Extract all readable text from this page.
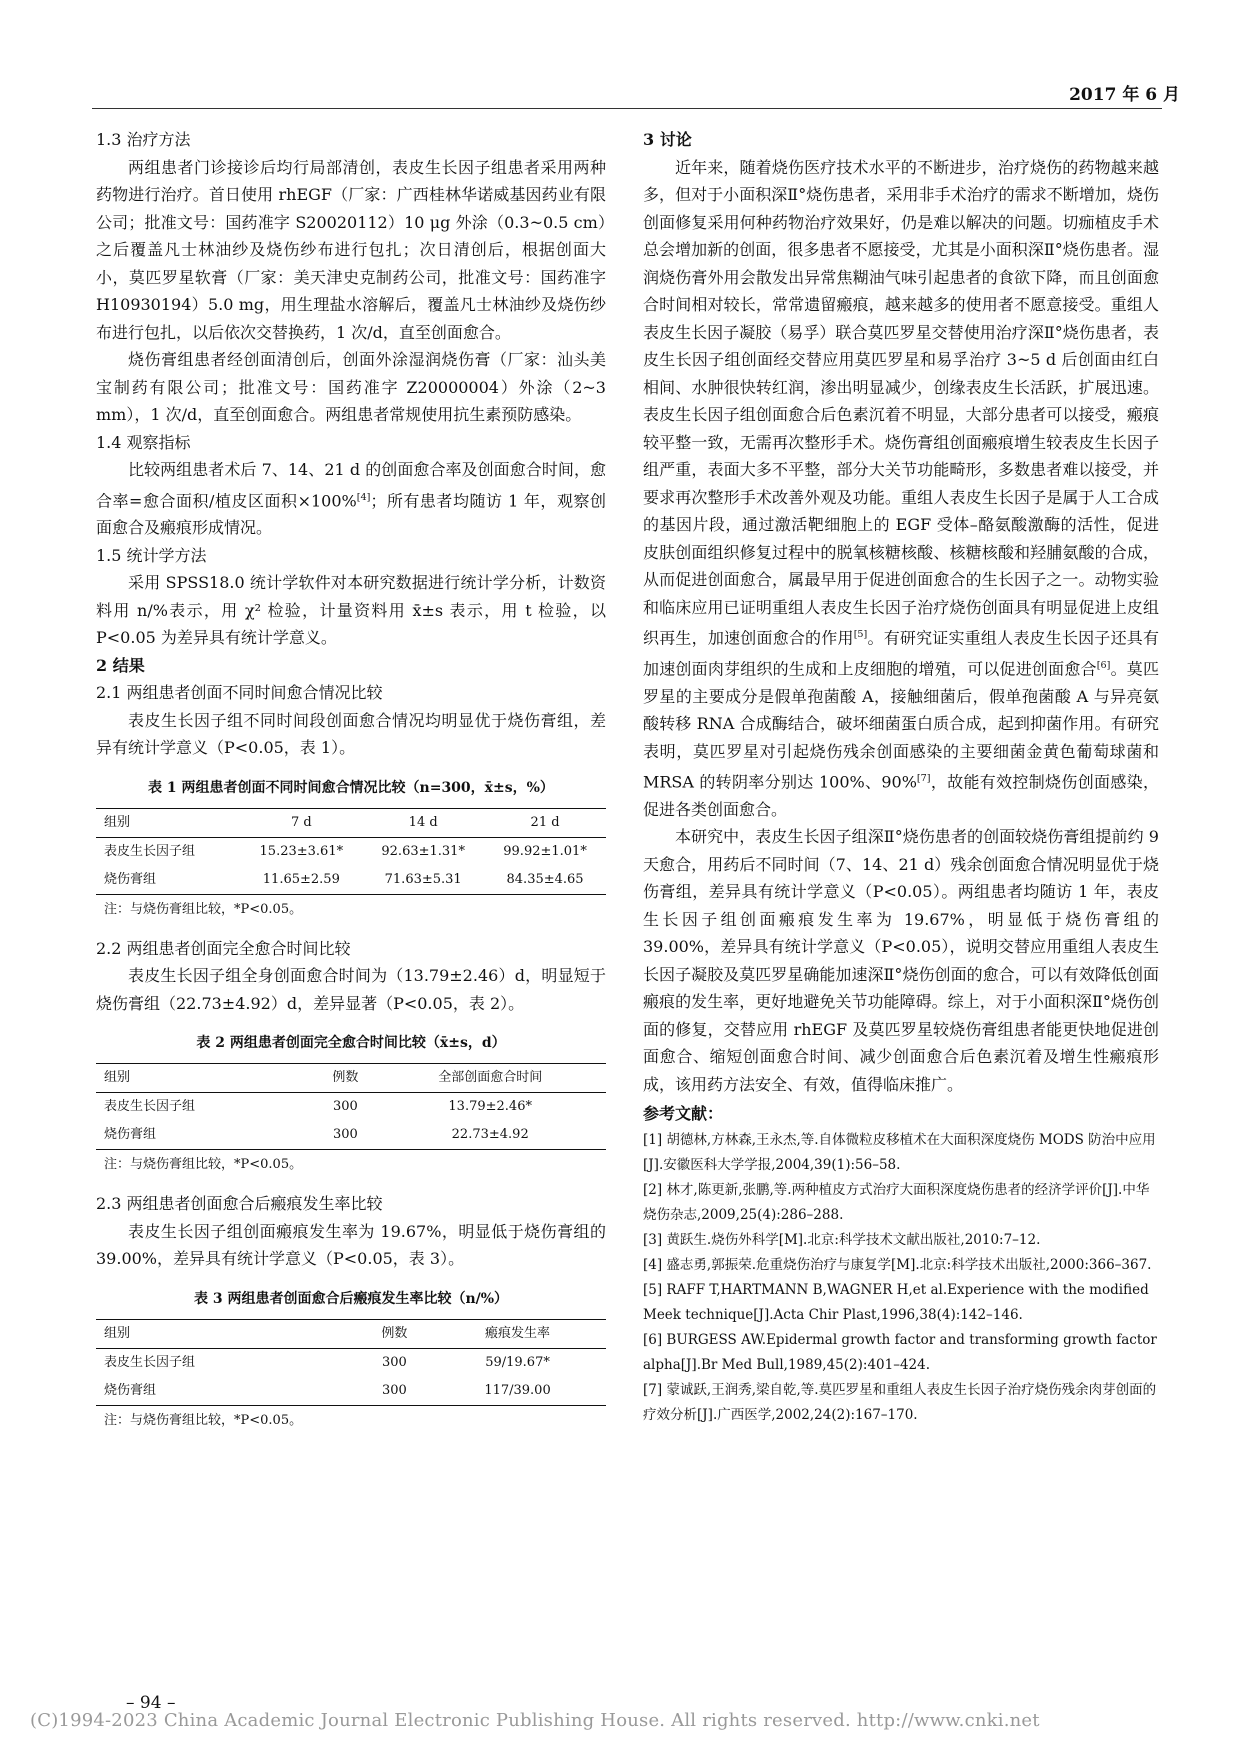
2017 年 6 月

1.3 治疗方法

两组患者门诊接诊后均行局部清创，表皮生长因子组患者采用两种药物进行治疗。首日使用 rhEGF（厂家：广西桂林华诺威基因药业有限公司；批准文号：国药准字 S20020112）10 μg 外涂（0.3~0.5 cm）之后覆盖凡士林油纱及烧伤纱布进行包扎；次日清创后，根据创面大小，莫匹罗星软膏（厂家：美天津史克制药公司，批准文号：国药准字 H10930194）5.0 mg，用生理盐水溶解后，覆盖凡士林油纱及烧伤纱布进行包扎，以后依次交替换药，1 次/d，直至创面愈合。

烧伤膏组患者经创面清创后，创面外涂湿润烧伤膏（厂家：汕头美宝制药有限公司；批准文号：国药准字 Z20000004）外涂（2~3 mm），1 次/d，直至创面愈合。两组患者常规使用抗生素预防感染。

1.4 观察指标

比较两组患者术后 7、14、21 d 的创面愈合率及创面愈合时间，愈合率=愈合面积/植皮区面积×100%[4]；所有患者均随访 1 年，观察创面愈合及瘢痕形成情况。

1.5 统计学方法

采用 SPSS18.0 统计学软件对本研究数据进行统计学分析，计数资料用 n/%表示，用 χ² 检验，计量资料用 x̄±s 表示，用 t 检验，以 P<0.05 为差异具有统计学意义。

2 结果

2.1 两组患者创面不同时间愈合情况比较

表皮生长因子组不同时间段创面愈合情况均明显优于烧伤膏组，差异有统计学意义（P<0.05，表 1）。

表 1 两组患者创面不同时间愈合情况比较（n=300，x̄±s，%）
组别	7 d	14 d	21 d
表皮生长因子组	15.23±3.61*	92.63±1.31*	99.92±1.01*
烧伤膏组	11.65±2.59	71.63±5.31	84.35±4.65
注：与烧伤膏组比较，*P<0.05。

2.2 两组患者创面完全愈合时间比较

表皮生长因子组全身创面愈合时间为（13.79±2.46）d，明显短于烧伤膏组（22.73±4.92）d，差异显著（P<0.05，表 2）。

表 2 两组患者创面完全愈合时间比较（x̄±s，d）
组别	例数	全部创面愈合时间
表皮生长因子组	300	13.79±2.46*
烧伤膏组	300	22.73±4.92
注：与烧伤膏组比较，*P<0.05。

2.3 两组患者创面愈合后瘢痕发生率比较

表皮生长因子组创面瘢痕发生率为 19.67%，明显低于烧伤膏组的 39.00%，差异具有统计学意义（P<0.05，表 3）。

表 3 两组患者创面愈合后瘢痕发生率比较（n/%）
组别	例数	瘢痕发生率
表皮生长因子组	300	59/19.67*
烧伤膏组	300	117/39.00
注：与烧伤膏组比较，*P<0.05。

3 讨论

近年来，随着烧伤医疗技术水平的不断进步，治疗烧伤的药物越来越多，但对于小面积深Ⅱ°烧伤患者，采用非手术治疗的需求不断增加，烧伤创面修复采用何种药物治疗效果好，仍是难以解决的问题。切痂植皮手术总会增加新的创面，很多患者不愿接受，尤其是小面积深Ⅱ°烧伤患者。湿润烧伤膏外用会散发出异常焦糊油气味引起患者的食欲下降，而且创面愈合时间相对较长，常常遗留瘢痕，越来越多的使用者不愿意接受。重组人表皮生长因子凝胶（易孚）联合莫匹罗星交替使用治疗深Ⅱ°烧伤患者，表皮生长因子组创面经交替应用莫匹罗星和易孚治疗 3~5 d 后创面由红白相间、水肿很快转红润，渗出明显减少，创缘表皮生长活跃，扩展迅速。表皮生长因子组创面愈合后色素沉着不明显，大部分患者可以接受，瘢痕较平整一致，无需再次整形手术。烧伤膏组创面瘢痕增生较表皮生长因子组严重，表面大多不平整，部分大关节功能畸形，多数患者难以接受，并要求再次整形手术改善外观及功能。重组人表皮生长因子是属于人工合成的基因片段，通过激活靶细胞上的 EGF 受体–酪氨酸激酶的活性，促进皮肤创面组织修复过程中的脱氧核糖核酸、核糖核酸和羟脯氨酸的合成，从而促进创面愈合，属最早用于促进创面愈合的生长因子之一。动物实验和临床应用已证明重组人表皮生长因子治疗烧伤创面具有明显促进上皮组织再生，加速创面愈合的作用[5]。有研究证实重组人表皮生长因子还具有加速创面肉芽组织的生成和上皮细胞的增殖，可以促进创面愈合[6]。莫匹罗星的主要成分是假单孢菌酸 A，接触细菌后，假单孢菌酸 A 与异亮氨酸转移 RNA 合成酶结合，破坏细菌蛋白质合成，起到抑菌作用。有研究表明，莫匹罗星对引起烧伤残余创面感染的主要细菌金黄色葡萄球菌和 MRSA 的转阴率分别达 100%、90%[7]，故能有效控制烧伤创面感染，促进各类创面愈合。

本研究中，表皮生长因子组深Ⅱ°烧伤患者的创面较烧伤膏组提前约 9 天愈合，用药后不同时间（7、14、21 d）残余创面愈合情况明显优于烧伤膏组，差异具有统计学意义（P<0.05）。两组患者均随访 1 年，表皮生长因子组创面瘢痕发生率为 19.67%，明显低于烧伤膏组的 39.00%，差异具有统计学意义（P<0.05），说明交替应用重组人表皮生长因子凝胶及莫匹罗星确能加速深Ⅱ°烧伤创面的愈合，可以有效降低创面瘢痕的发生率，更好地避免关节功能障碍。综上，对于小面积深Ⅱ°烧伤创面的修复，交替应用 rhEGF 及莫匹罗星较烧伤膏组患者能更快地促进创面愈合、缩短创面愈合时间、减少创面愈合后色素沉着及增生性瘢痕形成，该用药方法安全、有效，值得临床推广。

参考文献：

[1] 胡德林,方林森,王永杰,等.自体微粒皮移植术在大面积深度烧伤 MODS 防治中应用[J].安徽医科大学学报,2004,39(1):56–58.
[2] 林才,陈更新,张鹏,等.两种植皮方式治疗大面积深度烧伤患者的经济学评价[J].中华烧伤杂志,2009,25(4):286–288.
[3] 黄跃生.烧伤外科学[M].北京:科学技术文献出版社,2010:7–12.
[4] 盛志勇,郭振荣.危重烧伤治疗与康复学[M].北京:科学技术出版社,2000:366–367.
[5] RAFF T,HARTMANN B,WAGNER H,et al.Experience with the modified Meek technique[J].Acta Chir Plast,1996,38(4):142–146.
[6] BURGESS AW.Epidermal growth factor and transforming growth factor alpha[J].Br Med Bull,1989,45(2):401–424.
[7] 蒙诚跃,王润秀,梁自乾,等.莫匹罗星和重组人表皮生长因子治疗烧伤残余肉芽创面的疗效分析[J].广西医学,2002,24(2):167–170.
– 94 –
(C)1994-2023 China Academic Journal Electronic Publishing House. All rights reserved. http://www.cnki.net
